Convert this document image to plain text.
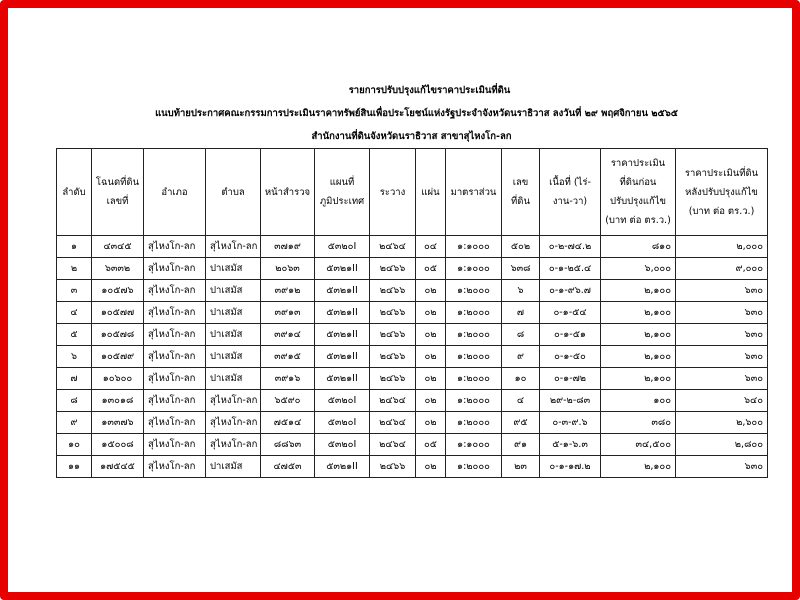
รายการปรับปรุงแก้ไขราคาประเมินที่ดิน
แนบท้ายประกาศคณะกรรมการประเมินราคาทรัพย์สินเพื่อประโยชน์แห่งรัฐประจำจังหวัดนราธิวาส ลงวันที่ ๒๙ พฤศจิกายน ๒๕๖๕
สำนักงานที่ดินจังหวัดนราธิวาส สาขาสุไหงโก-ลก
ลำดับ	โฉนดที่ดิน เลขที่	อำเภอ	ตำบล	หน้าสำรวจ	แผนที่ภูมิประเทศ	ระวาง	แผ่น	มาตราส่วน	เลขที่ดิน	เนื้อที่ (ไร่-งาน-วา)	ราคาประเมินที่ดินก่อนปรับปรุงแก้ไข (บาท ต่อ ตร.ว.)	ราคาประเมินที่ดินหลังปรับปรุงแก้ไข (บาท ต่อ ตร.ว.)
๑	๔๓๔๕	สุไหงโก-ลก	สุไหงโก-ลก	๓๗๑๙	๕๓๒๐I	๒๔๖๔	๐๔	๑:๑๐๐๐	๕๐๒	๐-๒-๗๔.๒	๘๑๐	๒,๐๐๐
๒	๖๓๓๒	สุไหงโก-ลก	ปาเสมัส	๒๐๖๓	๕๓๒๑II	๒๔๖๖	๐๕	๑:๑๐๐๐	๖๓๘	๐-๑-๒๕.๔	๖,๐๐๐	๙,๐๐๐
๓	๑๐๕๗๖	สุไหงโก-ลก	ปาเสมัส	๓๙๑๒	๕๓๒๑II	๒๔๖๖	๐๒	๑:๒๐๐๐	๖	๐-๑-๙๖.๗	๒,๑๐๐	๖๓๐
๔	๑๐๕๗๗	สุไหงโก-ลก	ปาเสมัส	๓๙๑๓	๕๓๒๑II	๒๔๖๖	๐๒	๑:๒๐๐๐	๗	๐-๑-๕๔	๒,๑๐๐	๖๓๐
๕	๑๐๕๗๘	สุไหงโก-ลก	ปาเสมัส	๓๙๑๔	๕๓๒๑II	๒๔๖๖	๐๒	๑:๒๐๐๐	๘	๐-๑-๕๑	๒,๑๐๐	๖๓๐
๖	๑๐๕๗๙	สุไหงโก-ลก	ปาเสมัส	๓๙๑๕	๕๓๒๑II	๒๔๖๖	๐๒	๑:๒๐๐๐	๙	๐-๑-๕๐	๒,๑๐๐	๖๓๐
๗	๑๐๖๐๐	สุไหงโก-ลก	ปาเสมัส	๓๙๑๖	๕๓๒๑II	๒๔๖๖	๐๒	๑:๒๐๐๐	๑๐	๐-๑-๗๒	๒,๑๐๐	๖๓๐
๘	๑๓๐๑๘	สุไหงโก-ลก	สุไหงโก-ลก	๖๕๙๐	๕๓๒๐I	๒๔๖๔	๐๒	๑:๒๐๐๐	๔	๒๙-๒-๘๓	๑๐๐	๖๔๐
๙	๑๓๓๗๖	สุไหงโก-ลก	สุไหงโก-ลก	๗๕๑๔	๕๓๒๐I	๒๔๖๔	๐๒	๑:๒๐๐๐	๙๕	๐-๓-๙.๖	๓๘๐	๒,๖๐๐
๑๐	๑๕๐๐๘	สุไหงโก-ลก	สุไหงโก-ลก	๘๘๖๓	๕๓๒๐I	๒๔๖๔	๐๕	๑:๑๐๐๐	๙๑	๕-๑-๖.๓	๓๔,๕๐๐	๒,๘๐๐
๑๑	๑๗๕๔๕	สุไหงโก-ลก	ปาเสมัส	๔๗๕๓	๕๓๒๑II	๒๔๖๖	๐๒	๑:๒๐๐๐	๒๓	๐-๑-๑๗.๒	๒,๑๐๐	๖๓๐
